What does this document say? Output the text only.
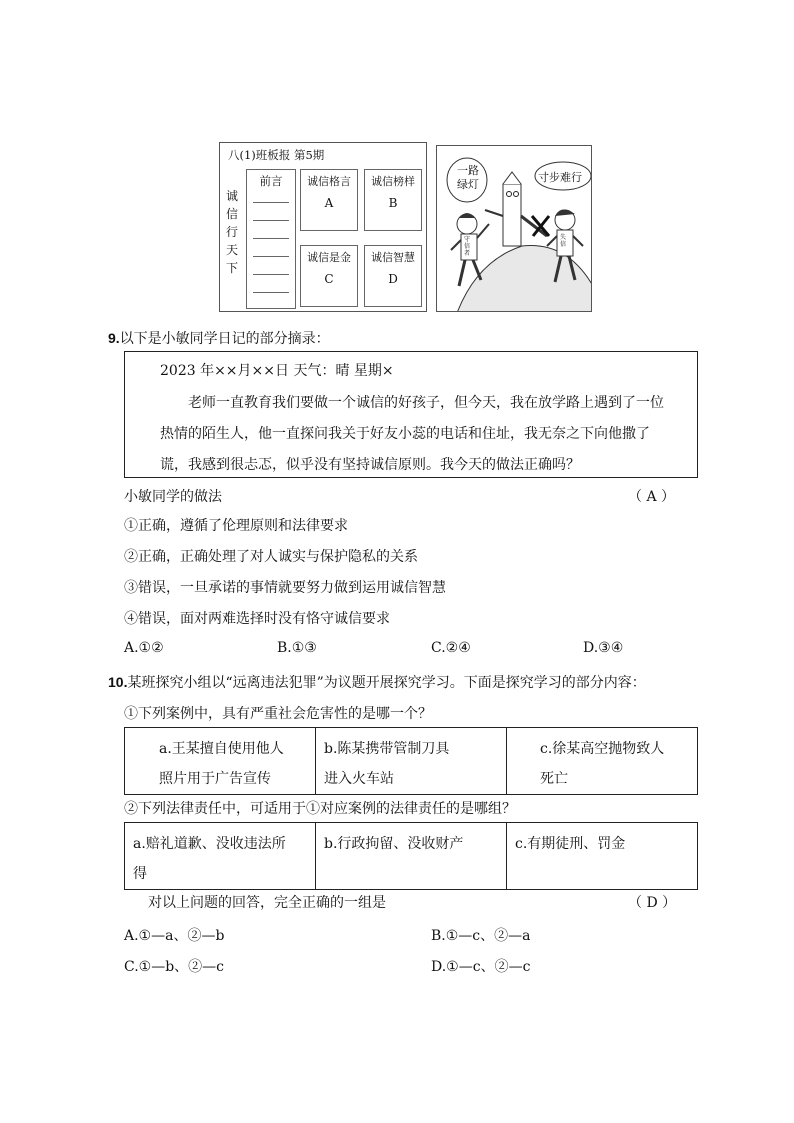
八(1)班板报 第5期
诚
信
行
天
下
前言	诚信格言
A
诚信榜样
B
诚信是金
C
诚信智慧
D
一路
绿灯
寸步难行
守信者
失信
9.以下是小敏同学日记的部分摘录：
2023 年××月××日 天气：晴 星期×
老师一直教育我们要做一个诚信的好孩子，但今天，我在放学路上遇到了一位
热情的陌生人，他一直探问我关于好友小蕊的电话和住址，我无奈之下向他撒了
谎，我感到很忐忑，似乎没有坚持诚信原则。我今天的做法正确吗？
小敏同学的做法	（ A ）
①正确，遵循了伦理原则和法律要求
②正确，正确处理了对人诚实与保护隐私的关系
③错误，一旦承诺的事情就要努力做到运用诚信智慧
④错误，面对两难选择时没有恪守诚信要求
A.①②	B.①③	C.②④	D.③④
10.某班探究小组以“远离违法犯罪”为议题开展探究学习。下面是探究学习的部分内容：
①下列案例中，具有严重社会危害性的是哪一个？
a.王某擅自使用他人
照片用于广告宣传

b.陈某携带管制刀具
进入火车站

c.徐某高空抛物致人
死亡
②下列法律责任中，可适用于①对应案例的法律责任的是哪组？
a.赔礼道歉、没收违法所
得

b.行政拘留、没收财产	c.有期徒刑、罚金
对以上问题的回答，完全正确的一组是	（ D ）
A.①—a、②—b	B.①—c、②—a
C.①—b、②—c	D.①—c、②—c
